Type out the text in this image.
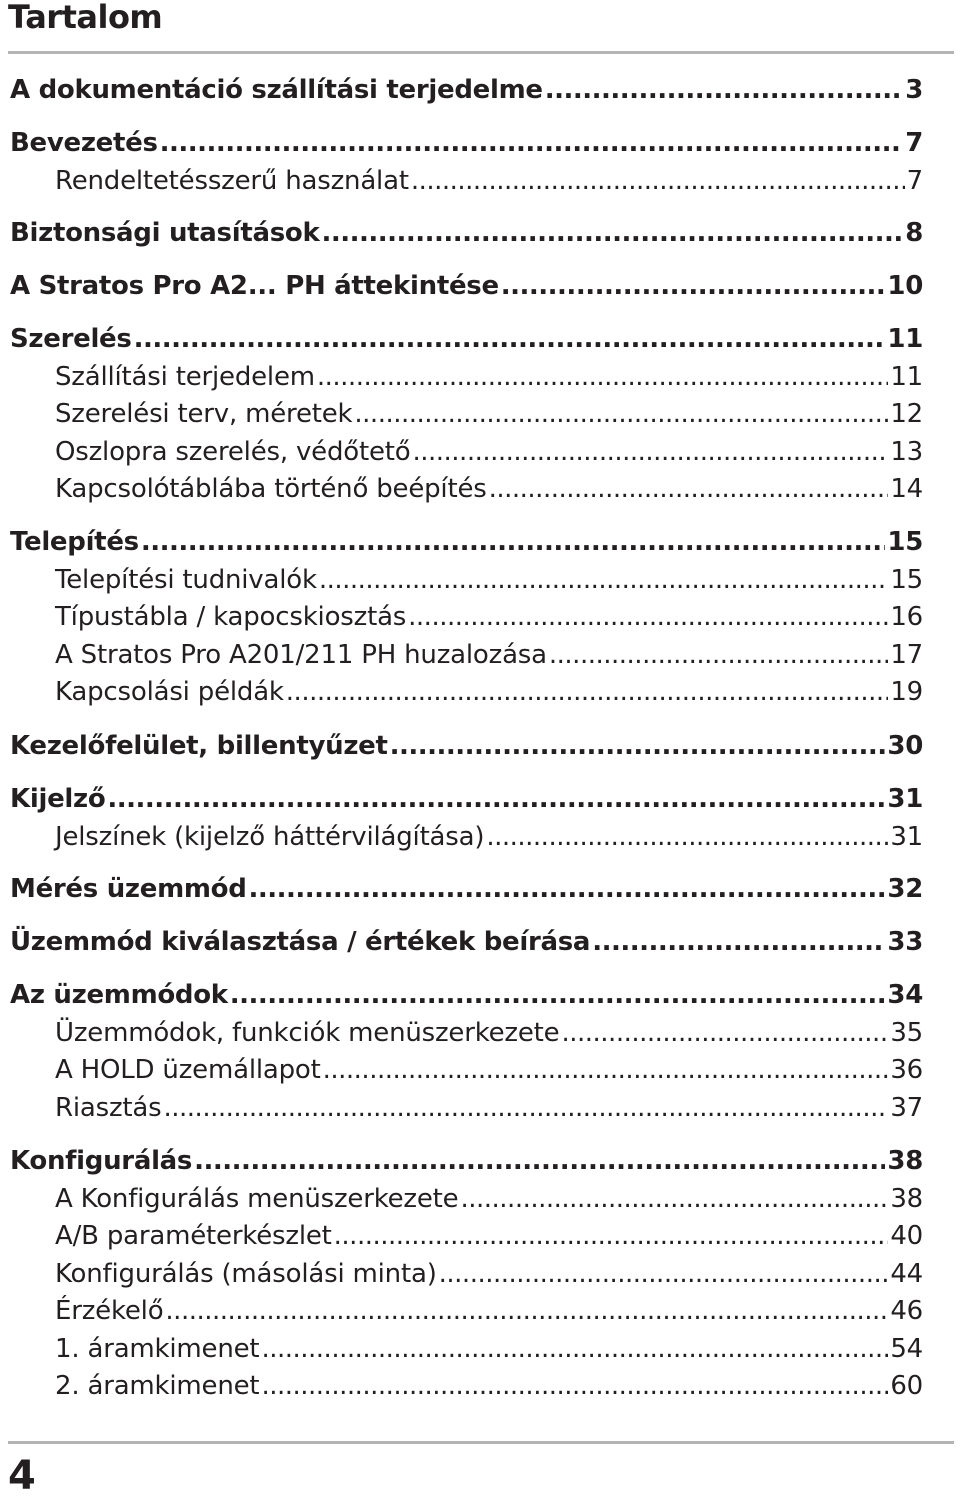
Tartalom
A dokumentáció szállítási terjedelme .....	3
Bevezetés .....	7
Rendeltetésszerű használat .....	7
Biztonsági utasítások .....	8
A Stratos Pro A2... PH áttekintése .....	10
Szerelés .....	11
Szállítási terjedelem .....	11
Szerelési terv, méretek .....	12
Oszlopra szerelés, védőtető .....	13
Kapcsolótáblába történő beépítés .....	14
Telepítés .....	15
Telepítési tudnivalók .....	15
Típustábla / kapocskiosztás .....	16
A Stratos Pro A201/211 PH huzalozása .....	17
Kapcsolási példák .....	19
Kezelőfelület, billentyűzet .....	30
Kijelző .....	31
Jelszínek (kijelző háttérvilágítása) .....	31
Mérés üzemmód .....	32
Üzemmód kiválasztása / értékek beírása .....	33
Az üzemmódok .....	34
Üzemmódok, funkciók menüszerkezete .....	35
A HOLD üzemállapot .....	36
Riasztás .....	37
Konfigurálás .....	38
A Konfigurálás menüszerkezete .....	38
A/B paraméterkészlet .....	40
Konfigurálás (másolási minta) .....	44
Érzékelő .....	46
1. áramkimenet .....	54
2. áramkimenet .....	60
4
